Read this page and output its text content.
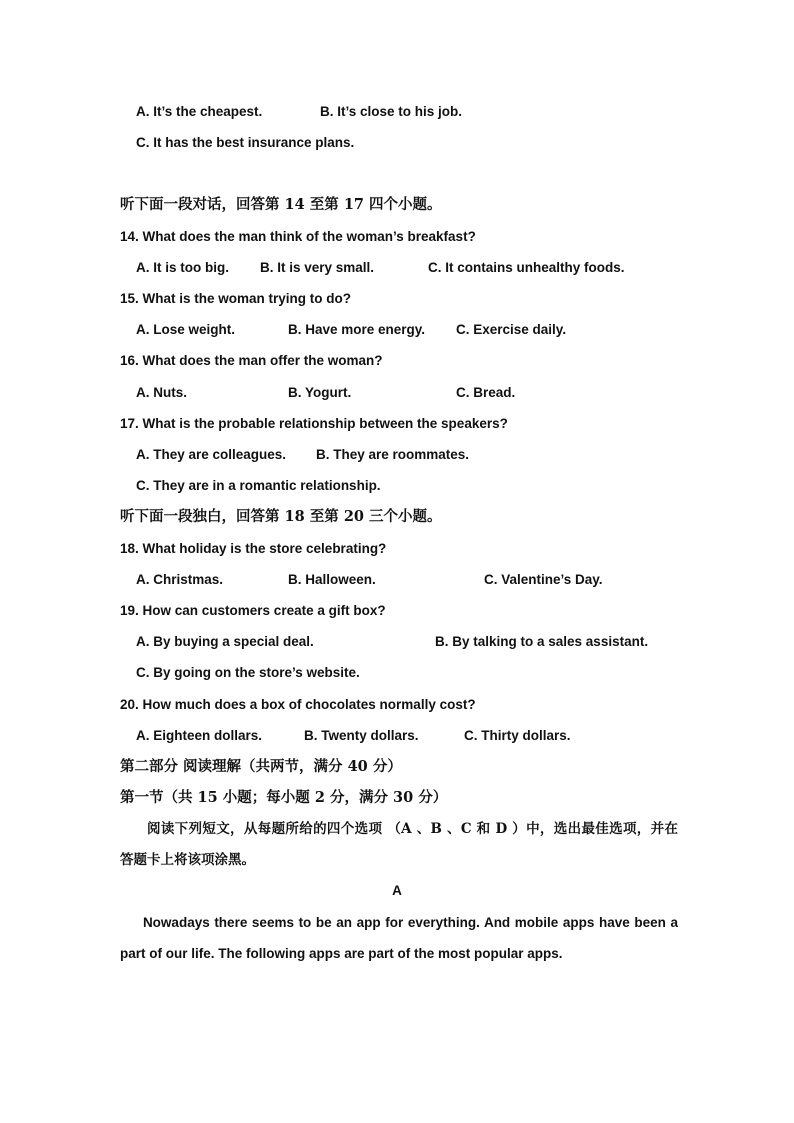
A. It’s the cheapest.	B. It’s close to his job.
C. It has the best insurance plans.
听下面一段对话，回答第 14 至第 17 四个小题。
14. What does the man think of the woman’s breakfast?
A. It is too big. B. It is very small.	C. It contains unhealthy foods.
15. What is the woman trying to do?
A. Lose weight.	B. Have more energy. C. Exercise daily.
16. What does the man offer the woman?
A. Nuts.	B. Yogurt.	C. Bread.
17. What is the probable relationship between the speakers?
A. They are colleagues. B. They are roommates.
C. They are in a romantic relationship.
听下面一段独白，回答第 18 至第 20 三个小题。
18. What holiday is the store celebrating?
A. Christmas.	B. Halloween.	C. Valentine’s Day.
19. How can customers create a gift box?
A. By buying a special deal.	B. By talking to a sales assistant.
C. By going on the store’s website.
20. How much does a box of chocolates normally cost?
A. Eighteen dollars.	B. Twenty dollars.	C. Thirty dollars.
第二部分 阅读理解（共两节，满分 40 分）
第一节（共 15 小题；每小题 2 分，满分 30 分）
阅读下列短文，从每题所给的四个选项 （A 、B 、C 和 D ）中，选出最佳选项，并在答题卡上将该项涂黑。
A
Nowadays there seems to be an app for everything. And mobile apps have been a part of our life. The following apps are part of the most popular apps.
